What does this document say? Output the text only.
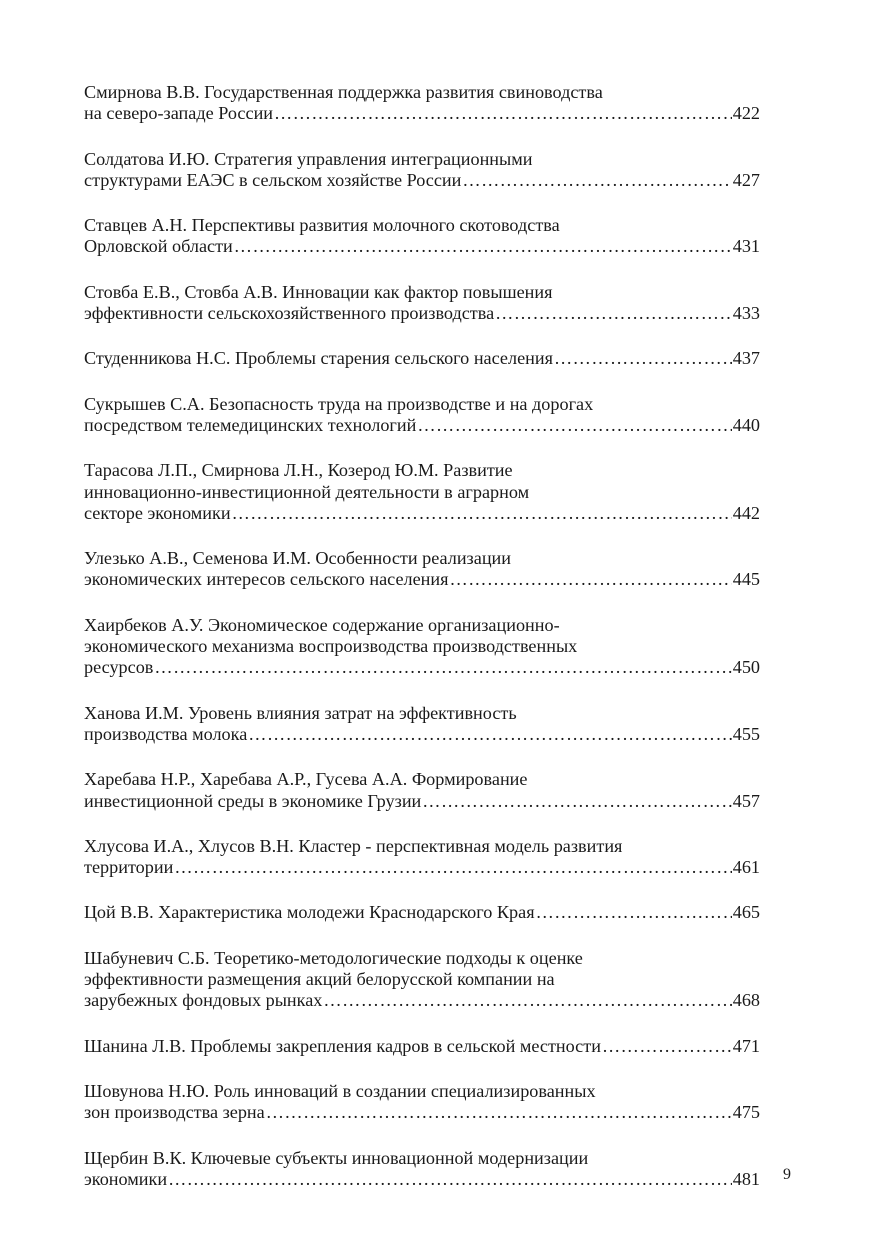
Смирнова В.В. Государственная поддержка развития свиноводства
на северо-западе России ……………………………………………………………………………………………………………………………………………………………………………………………………	422
Солдатова И.Ю. Стратегия управления интеграционными
структурами ЕАЭС в сельском хозяйстве России ……………………………………………………………………………………………………………………………………………………………………………………………………	427
Ставцев А.Н. Перспективы развития молочного скотоводства
Орловской области ……………………………………………………………………………………………………………………………………………………………………………………………………	431
Стовба Е.В., Стовба А.В. Инновации как фактор повышения
эффективности сельскохозяйственного производства ……………………………………………………………………………………………………………………………………………………………………………………………………	433
Студенникова Н.С. Проблемы старения сельского населения ……………………………………………………………………………………………………………………………………………………………………………………………………	437
Сукрышев С.А. Безопасность труда на производстве и на дорогах
посредством телемедицинских технологий ……………………………………………………………………………………………………………………………………………………………………………………………………	440
Тарасова Л.П., Смирнова Л.Н., Козерод Ю.М. Развитие
инновационно-инвестиционной деятельности в аграрном
секторе экономики ……………………………………………………………………………………………………………………………………………………………………………………………………	442
Улезько А.В., Семенова И.М. Особенности реализации
экономических интересов сельского населения ……………………………………………………………………………………………………………………………………………………………………………………………………	445
Хаирбеков А.У. Экономическое содержание организационно-
экономического механизма воспроизводства производственных
ресурсов ……………………………………………………………………………………………………………………………………………………………………………………………………	450
Ханова И.М. Уровень влияния затрат на эффективность
производства молока ……………………………………………………………………………………………………………………………………………………………………………………………………	455
Харебава Н.Р., Харебава А.Р., Гусева А.А. Формирование
инвестиционной среды в экономике Грузии ……………………………………………………………………………………………………………………………………………………………………………………………………	457
Хлусова И.А., Хлусов В.Н. Кластер - перспективная модель развития
территории ……………………………………………………………………………………………………………………………………………………………………………………………………	461
Цой В.В. Характеристика молодежи Краснодарского Края ……………………………………………………………………………………………………………………………………………………………………………………………………	465
Шабуневич С.Б. Теоретико-методологические подходы к оценке
эффективности размещения акций белорусской компании на
зарубежных фондовых рынках ……………………………………………………………………………………………………………………………………………………………………………………………………	468
Шанина Л.В. Проблемы закрепления кадров в сельской местности ……………………………………………………………………………………………………………………………………………………………………………………………………	471
Шовунова Н.Ю. Роль инноваций в создании специализированных
зон производства зерна ……………………………………………………………………………………………………………………………………………………………………………………………………	475
Щербин В.К. Ключевые субъекты инновационной модернизации
экономики ……………………………………………………………………………………………………………………………………………………………………………………………………	481 9
